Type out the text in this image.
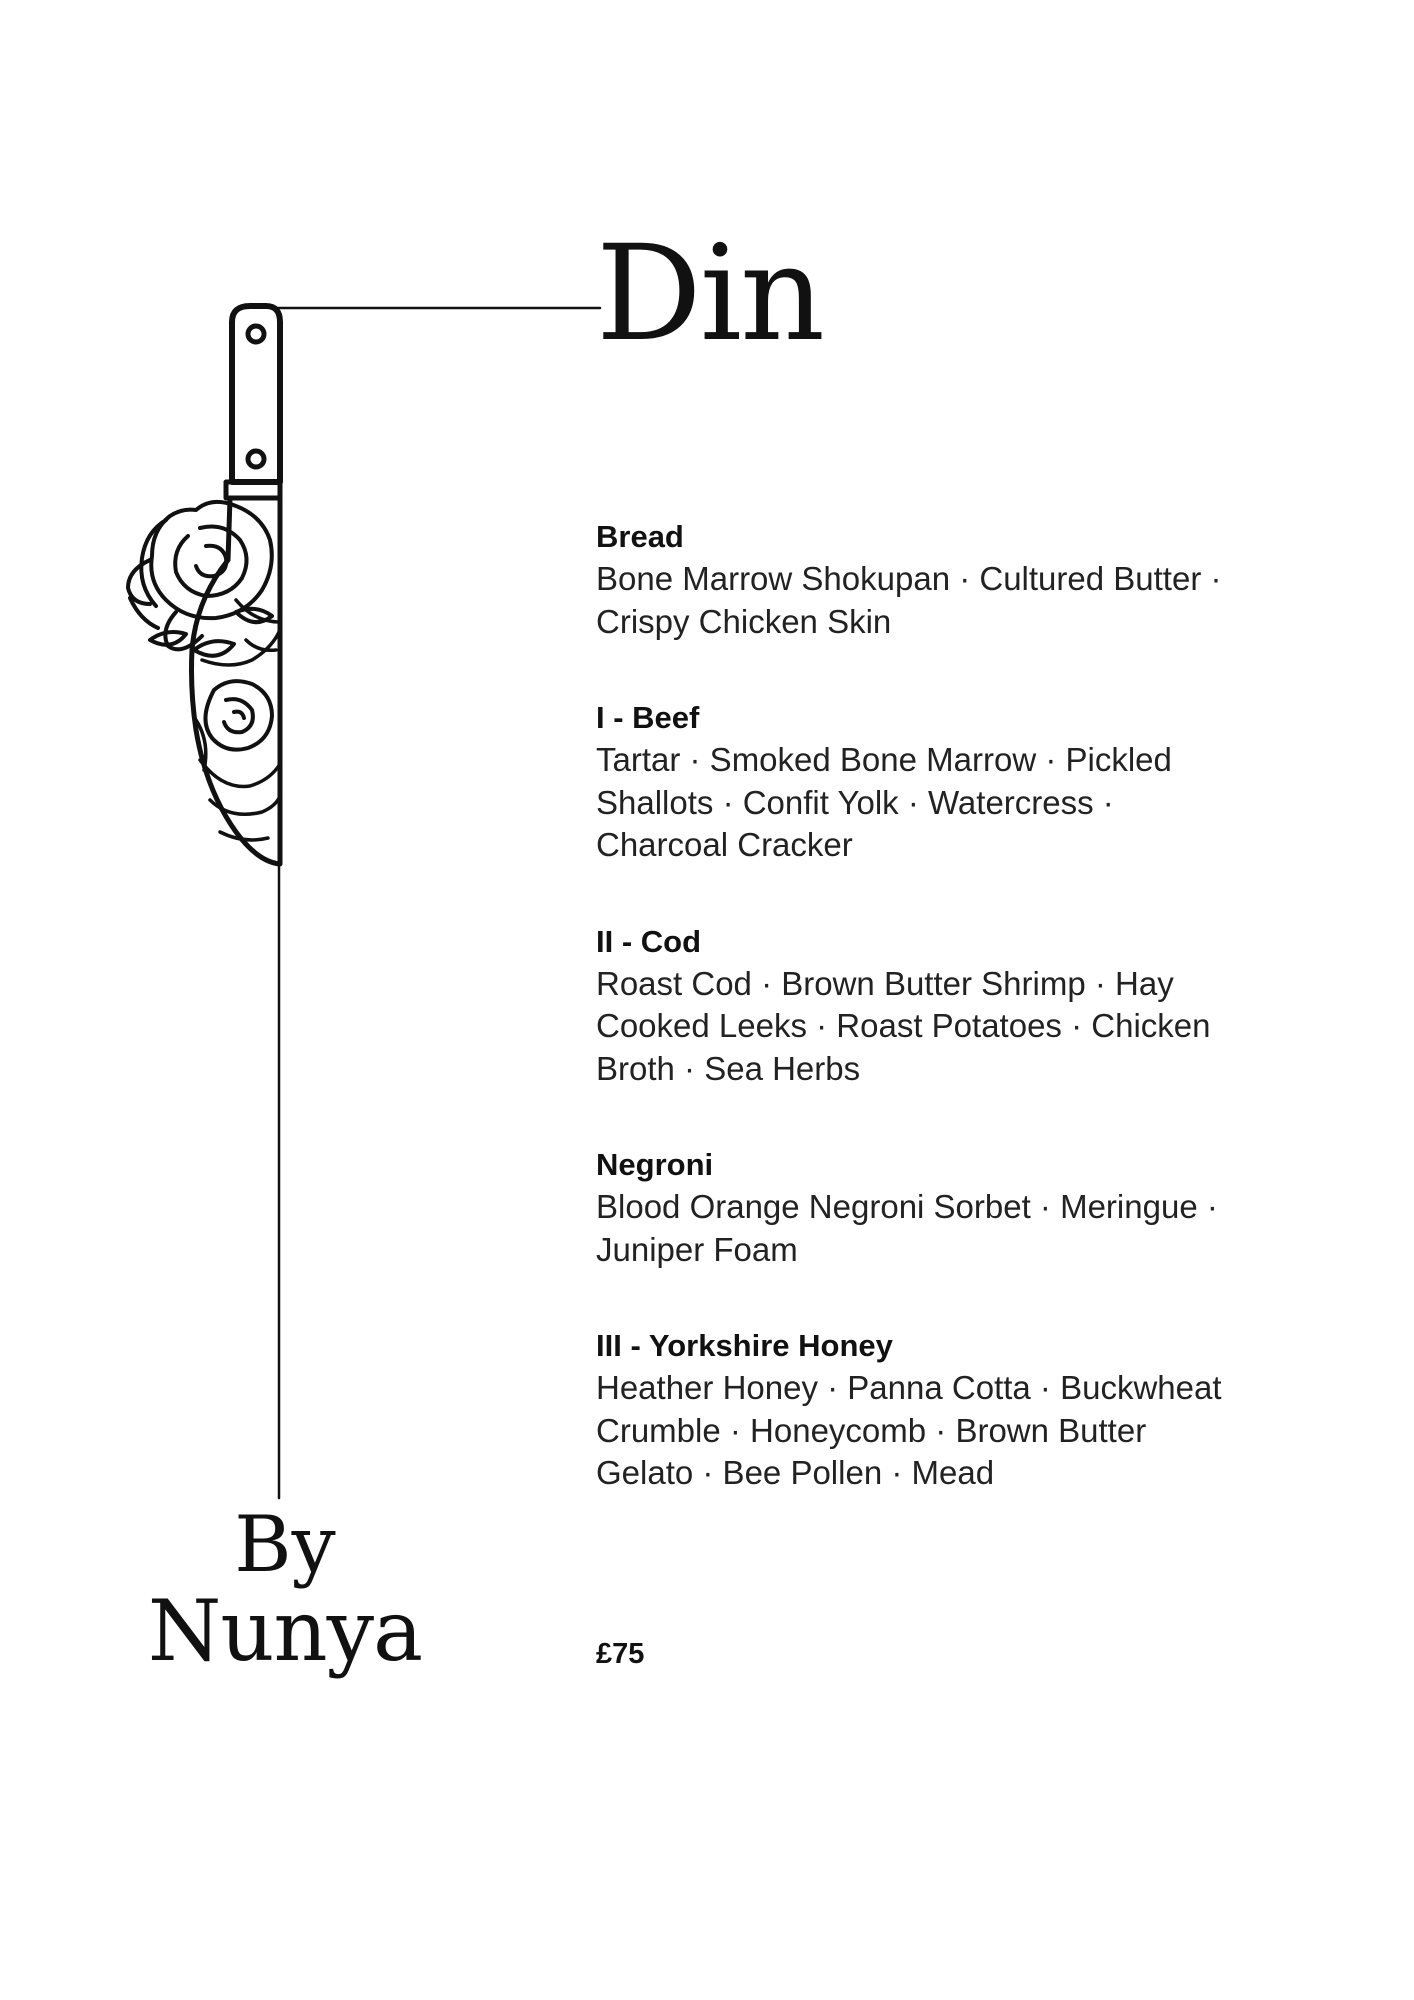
Din
Bread
Bone Marrow Shokupan · Cultured Butter · Crispy Chicken Skin
I - Beef
Tartar · Smoked Bone Marrow · Pickled Shallots · Confit Yolk · Watercress · Charcoal Cracker
II - Cod
Roast Cod · Brown Butter Shrimp · Hay Cooked Leeks · Roast Potatoes · Chicken Broth · Sea Herbs
Negroni
Blood Orange Negroni Sorbet · Meringue · Juniper Foam
III - Yorkshire Honey
Heather Honey · Panna Cotta · Buckwheat Crumble · Honeycomb · Brown Butter Gelato · Bee Pollen · Mead
By
Nunya	£75
